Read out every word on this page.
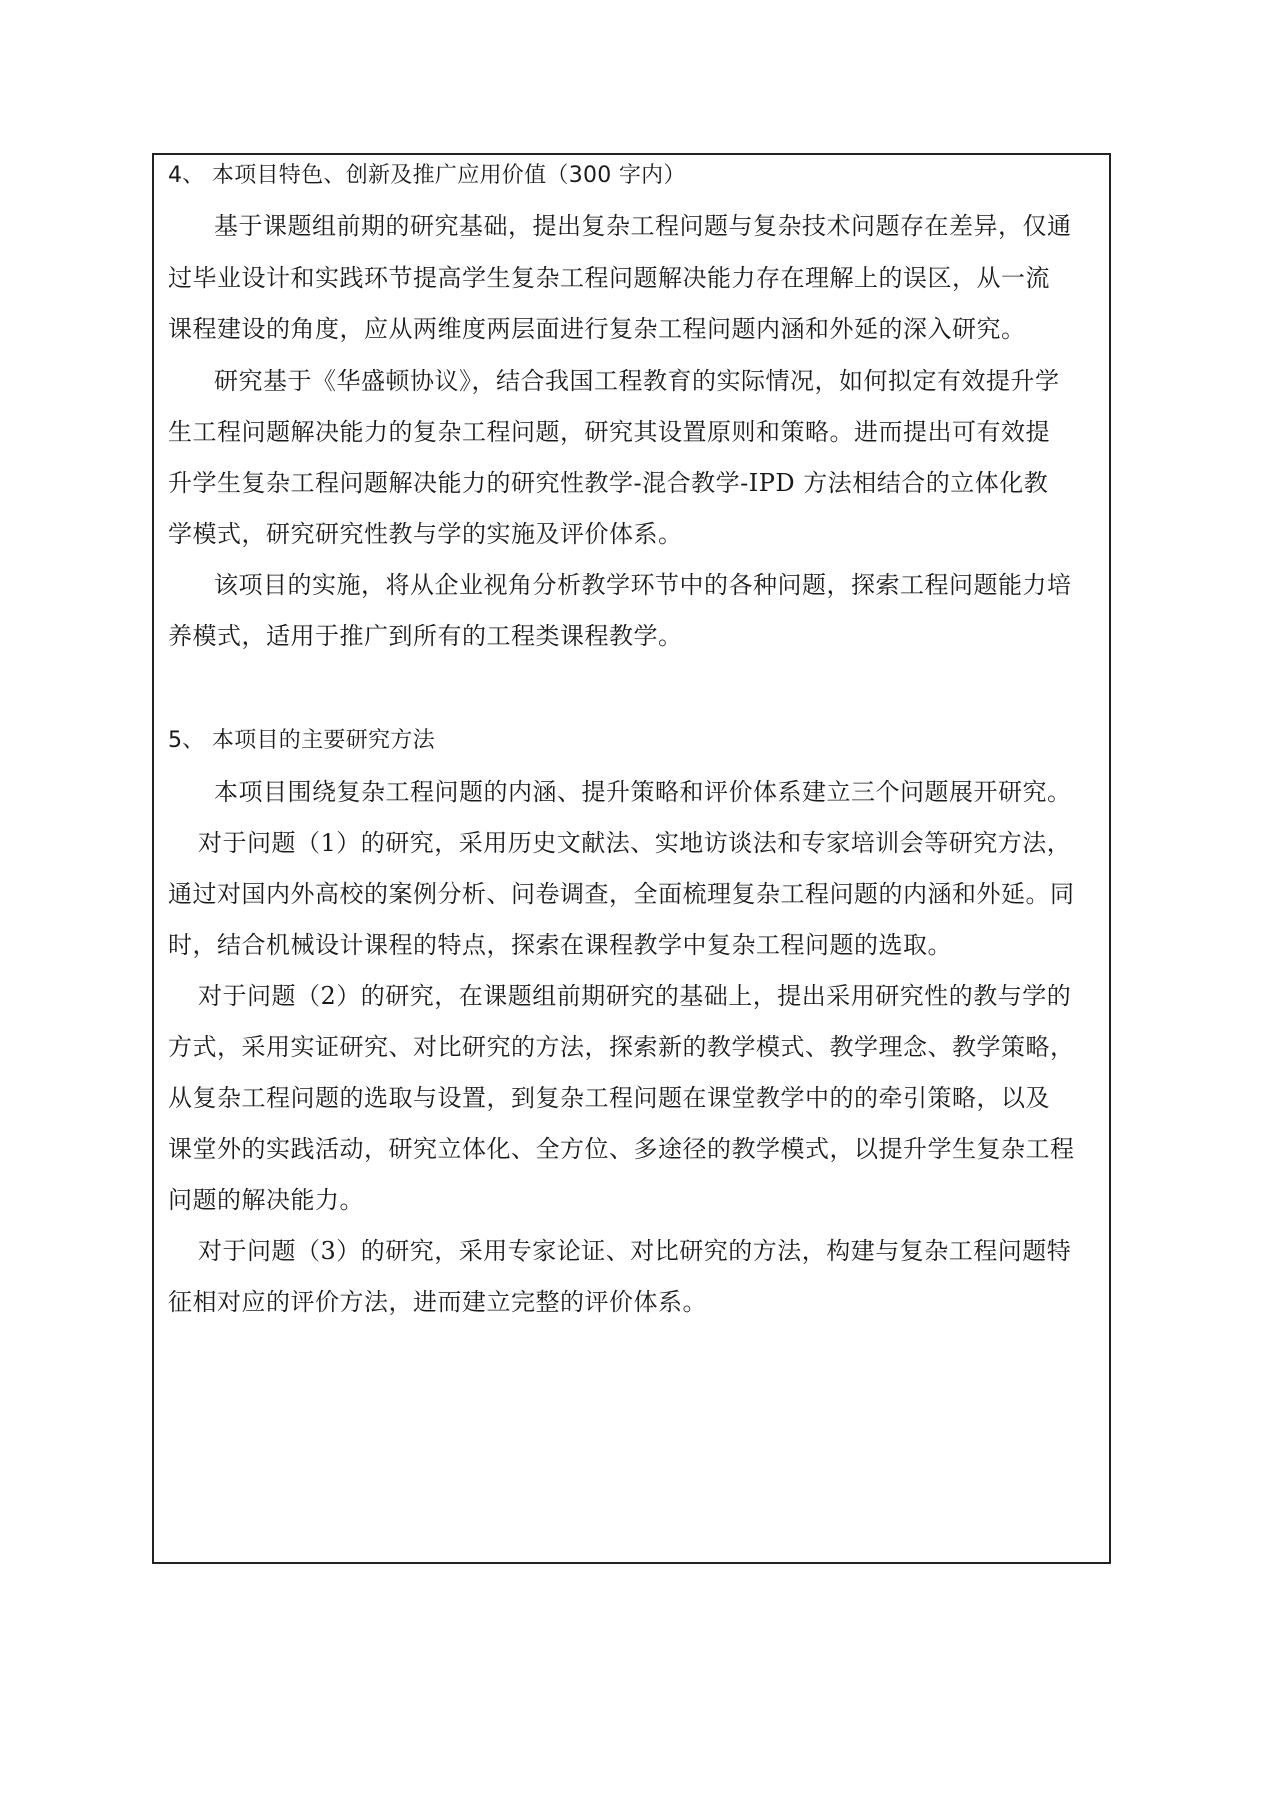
4、 本项目特色、创新及推广应用价值（300 字内）
基于课题组前期的研究基础，提出复杂工程问题与复杂技术问题存在差异，仅通
过毕业设计和实践环节提高学生复杂工程问题解决能力存在理解上的误区，从一流
课程建设的角度，应从两维度两层面进行复杂工程问题内涵和外延的深入研究。
研究基于《华盛顿协议》，结合我国工程教育的实际情况，如何拟定有效提升学
生工程问题解决能力的复杂工程问题，研究其设置原则和策略。进而提出可有效提
升学生复杂工程问题解决能力的研究性教学-混合教学-IPD 方法相结合的立体化教
学模式，研究研究性教与学的实施及评价体系。
该项目的实施，将从企业视角分析教学环节中的各种问题，探索工程问题能力培
养模式，适用于推广到所有的工程类课程教学。
5、 本项目的主要研究方法
本项目围绕复杂工程问题的内涵、提升策略和评价体系建立三个问题展开研究。
对于问题（1）的研究，采用历史文献法、实地访谈法和专家培训会等研究方法，
通过对国内外高校的案例分析、问卷调查，全面梳理复杂工程问题的内涵和外延。同
时，结合机械设计课程的特点，探索在课程教学中复杂工程问题的选取。
对于问题（2）的研究，在课题组前期研究的基础上，提出采用研究性的教与学的
方式，采用实证研究、对比研究的方法，探索新的教学模式、教学理念、教学策略，
从复杂工程问题的选取与设置，到复杂工程问题在课堂教学中的的牵引策略，以及
课堂外的实践活动，研究立体化、全方位、多途径的教学模式，以提升学生复杂工程
问题的解决能力。
对于问题（3）的研究，采用专家论证、对比研究的方法，构建与复杂工程问题特
征相对应的评价方法，进而建立完整的评价体系。
